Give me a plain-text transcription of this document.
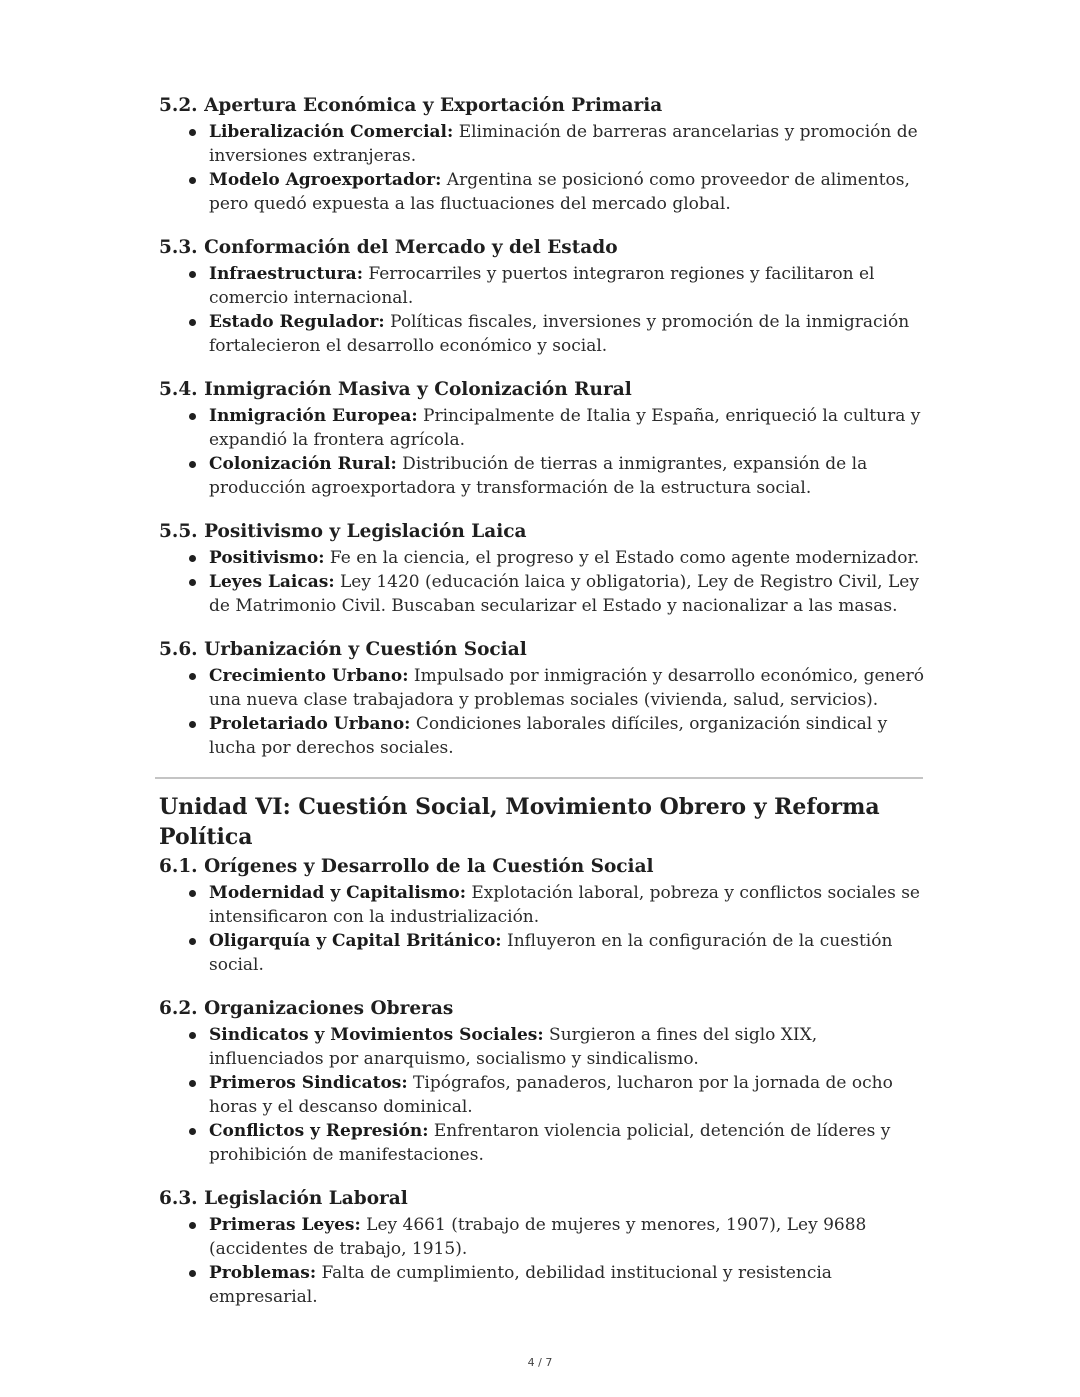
5.2. Apertura Económica y Exportación Primaria
Liberalización Comercial: Eliminación de barreras arancelarias y promoción de inversiones extranjeras.
Modelo Agroexportador: Argentina se posicionó como proveedor de alimentos, pero quedó expuesta a las fluctuaciones del mercado global.
5.3. Conformación del Mercado y del Estado
Infraestructura: Ferrocarriles y puertos integraron regiones y facilitaron el comercio internacional.
Estado Regulador: Políticas fiscales, inversiones y promoción de la inmigración fortalecieron el desarrollo económico y social.
5.4. Inmigración Masiva y Colonización Rural
Inmigración Europea: Principalmente de Italia y España, enriqueció la cultura y expandió la frontera agrícola.
Colonización Rural: Distribución de tierras a inmigrantes, expansión de la producción agroexportadora y transformación de la estructura social.
5.5. Positivismo y Legislación Laica
Positivismo: Fe en la ciencia, el progreso y el Estado como agente modernizador.
Leyes Laicas: Ley 1420 (educación laica y obligatoria), Ley de Registro Civil, Ley de Matrimonio Civil. Buscaban secularizar el Estado y nacionalizar a las masas.
5.6. Urbanización y Cuestión Social
Crecimiento Urbano: Impulsado por inmigración y desarrollo económico, generó una nueva clase trabajadora y problemas sociales (vivienda, salud, servicios).
Proletariado Urbano: Condiciones laborales difíciles, organización sindical y lucha por derechos sociales.
Unidad VI: Cuestión Social, Movimiento Obrero y Reforma Política
6.1. Orígenes y Desarrollo de la Cuestión Social
Modernidad y Capitalismo: Explotación laboral, pobreza y conflictos sociales se intensificaron con la industrialización.
Oligarquía y Capital Británico: Influyeron en la configuración de la cuestión social.
6.2. Organizaciones Obreras
Sindicatos y Movimientos Sociales: Surgieron a fines del siglo XIX, influenciados por anarquismo, socialismo y sindicalismo.
Primeros Sindicatos: Tipógrafos, panaderos, lucharon por la jornada de ocho horas y el descanso dominical.
Conflictos y Represión: Enfrentaron violencia policial, detención de líderes y prohibición de manifestaciones.
6.3. Legislación Laboral
Primeras Leyes: Ley 4661 (trabajo de mujeres y menores, 1907), Ley 9688 (accidentes de trabajo, 1915).
Problemas: Falta de cumplimiento, debilidad institucional y resistencia empresarial.
4 / 7
